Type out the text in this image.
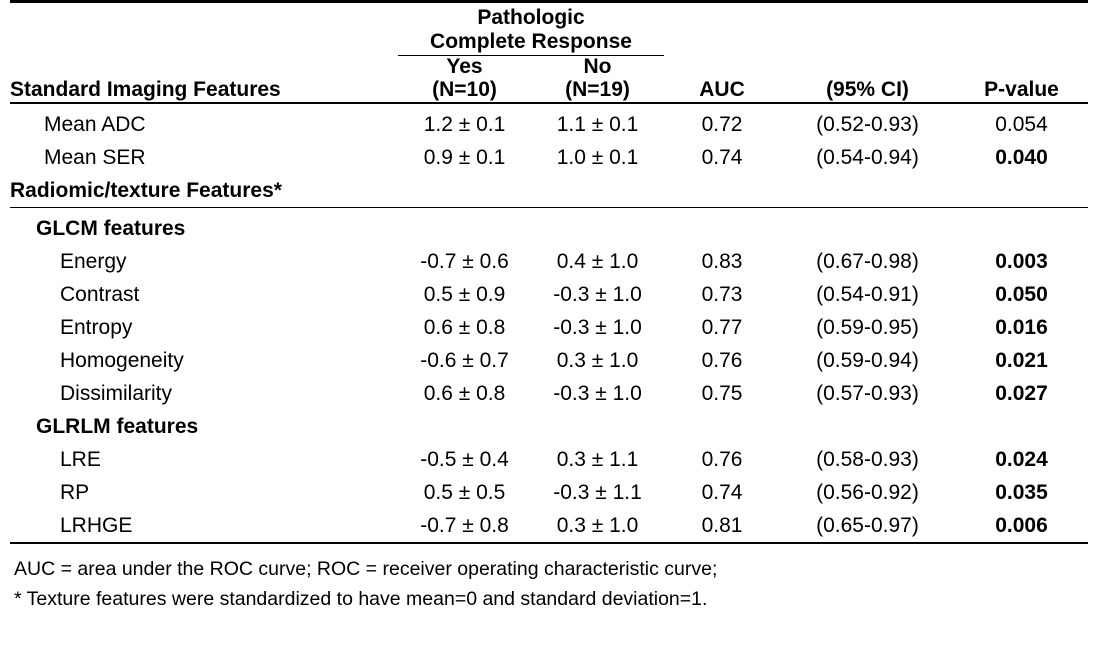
	Pathologic				
	Complete Response				
	Yes	No			
Standard Imaging Features	(N=10)	(N=19)	AUC	(95% CI)	P-value

Mean ADC	1.2 ± 0.1	1.1 ± 0.1	0.72	(0.52-0.93)	0.054
Mean SER	0.9 ± 0.1	1.0 ± 0.1	0.74	(0.54-0.94)	0.040
Radiomic/texture Features*					

GLCM features					
Energy	-0.7 ± 0.6	0.4 ± 1.0	0.83	(0.67-0.98)	0.003
Contrast	0.5 ± 0.9	-0.3 ± 1.0	0.73	(0.54-0.91)	0.050
Entropy	0.6 ± 0.8	-0.3 ± 1.0	0.77	(0.59-0.95)	0.016
Homogeneity	-0.6 ± 0.7	0.3 ± 1.0	0.76	(0.59-0.94)	0.021
Dissimilarity	0.6 ± 0.8	-0.3 ± 1.0	0.75	(0.57-0.93)	0.027
GLRLM features					
LRE	-0.5 ± 0.4	0.3 ± 1.1	0.76	(0.58-0.93)	0.024
RP	0.5 ± 0.5	-0.3 ± 1.1	0.74	(0.56-0.92)	0.035
LRHGE	-0.7 ± 0.8	0.3 ± 1.0	0.81	(0.65-0.97)	0.006

AUC = area under the ROC curve; ROC = receiver operating characteristic curve;
* Texture features were standardized to have mean=0 and standard deviation=1.
